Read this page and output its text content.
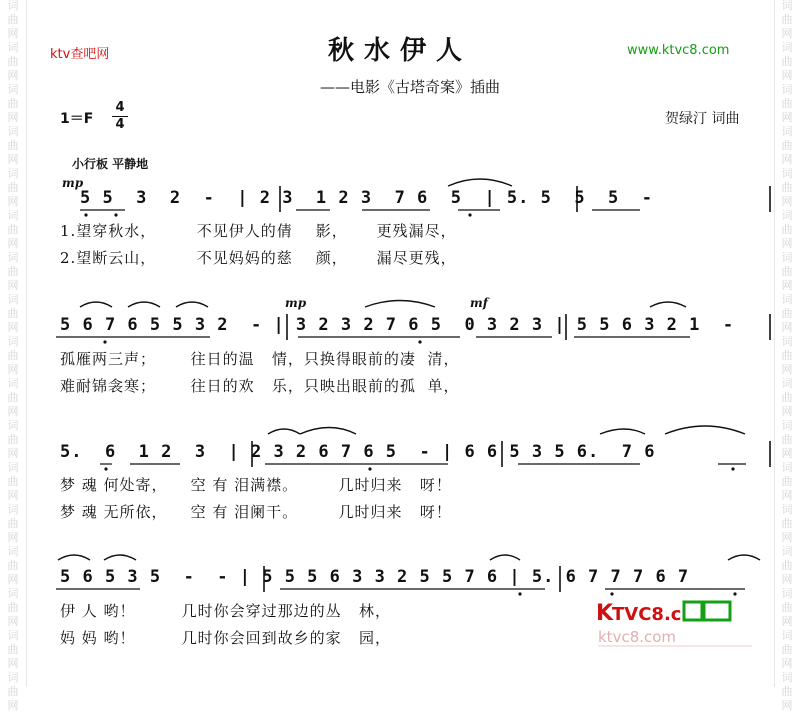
词
曲
网
词
曲
网
词
曲
网
词
曲
网
词
曲
网
词
曲
网
词
曲
网
词
曲
网
词
曲
网
词
曲
网
词
曲
网
词
曲
网
词
曲
网
词
曲
网
词
曲
网
词
曲
网
词
曲
网
词
曲
网
词
曲
网
词
曲
网
词
曲
网
词
曲
网
词
曲
网
词
曲
网
词
曲
网
词
曲
网
词
曲
网
词
曲
网
词
曲
网
词
曲
网
词
曲
网
词
曲
网
词
曲
网
词
曲
网
ktv查吧网	www.ktvc8.com
秋水伊人
——电影《古塔奇案》插曲
1＝F
4
4	贺绿汀 词曲
小行板 平静地
mp
5 5  3  2  -  | 2 3  1 2 3  7 6  5  | 5. 5  5  5  -
1.望穿秋水，       不见伊人的倩    影，     更残漏尽，
2.望断云山，       不见妈妈的慈    颜，     漏尽更残，
mp	mf
5 6 7 6 5 5 3 2  - | 3 2 3 2 7 6 5  0 3 2 3 | 5 5 6 3 2 1  -
孤雁两三声；      往日的温   情，只换得眼前的凄  清，
难耐锦衾寒；      往日的欢   乐，只映出眼前的孤  单，
5.  6  1 2  3  | 2 3 2 6 7 6 5  - | 6 6 5 3 5 6.  7 6
梦 魂 何处寄，    空 有 泪满襟。       几时归来   呀！
梦 魂 无所依，    空 有 泪阑干。       几时归来   呀！
5 6 5 3 5  -  - | 5 5 5 6 3 3 2 5 5 7 6 | 5. 6 7 7 7 6 7
伊 人 哟！        几时你会穿过那边的丛   林，
妈 妈 哟！        几时你会回到故乡的家   园，
K
TVC8.c
ktvc8.com
